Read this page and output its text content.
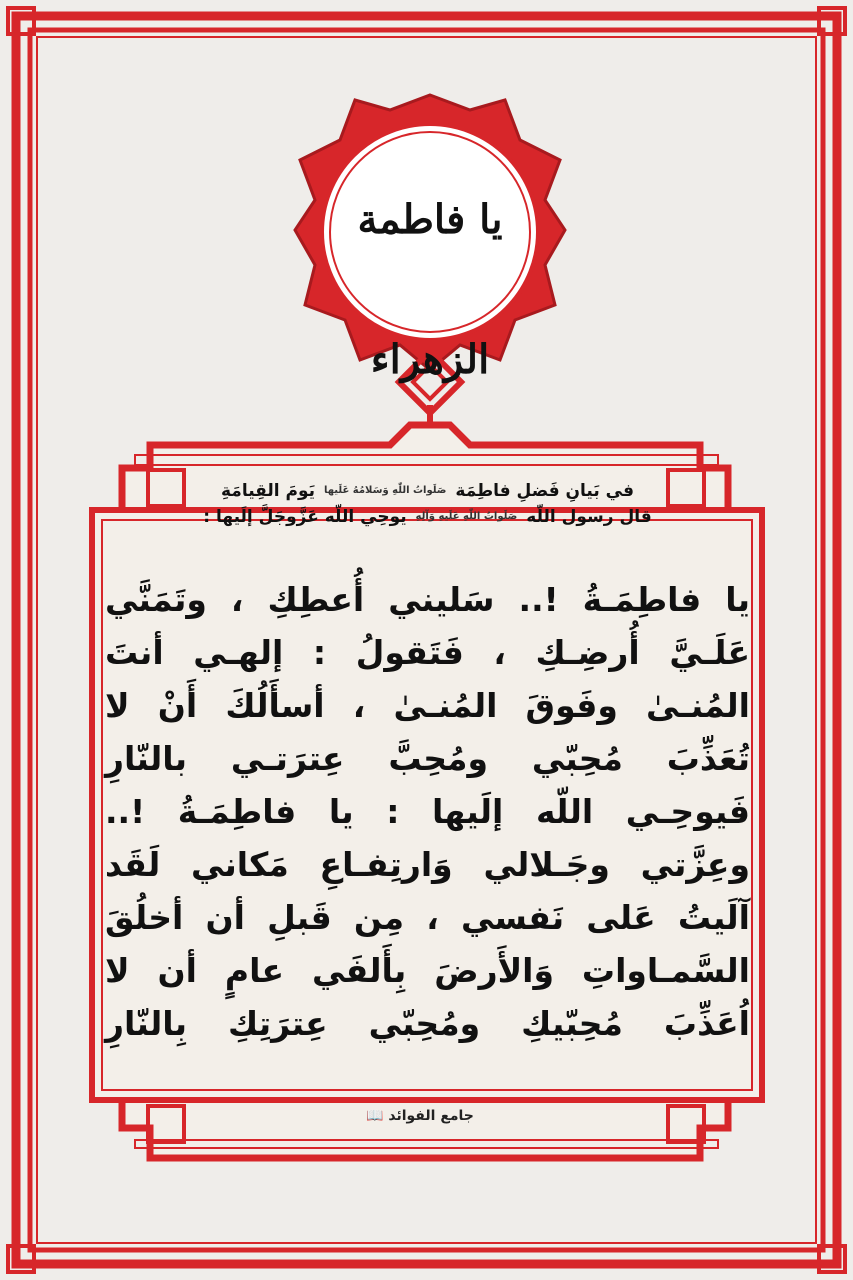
يا فاطمة الزهراء
في بَيانِ فَضلِ فاطِمَة صَلَواتُ اللّٰهِ وَسَلامُهُ عَلَيها يَومَ القِيامَةِ
قال رسول اللّه صَلَواتُ اللّٰهِ عَلَيهِ وَآلِهِ يوحِي اللّه عَزَّوجَلَّ إلَيها :
يا فاطِمَـةُ !.. سَليني أُعطِكِ ، وتَمَنَّي
عَلَـيَّ أُرضِـكِ ، فَتَقولُ : إلهـي أنتَ
المُنـىٰ وفَوقَ المُنـىٰ ، أسأَلُكَ أَنْ لا
تُعَذِّبَ مُحِبّي ومُحِبَّ عِترَتـي بالنّارِ
فَيوحِـي اللّه إلَيها : يا فاطِمَـةُ !..
وعِزَّتي وجَـلالي وَارتِفـاعِ مَكاني لَقَد
آلَيتُ عَلى نَفسي ، مِن قَبلِ أن أخلُقَ
السَّمـاواتِ وَالأَرضَ بِأَلفَي عامٍ أن لا
اُعَذِّبَ مُحِبّيكِ ومُحِبّي عِترَتِكِ بِالنّارِ
جامع الفوائد 📖
